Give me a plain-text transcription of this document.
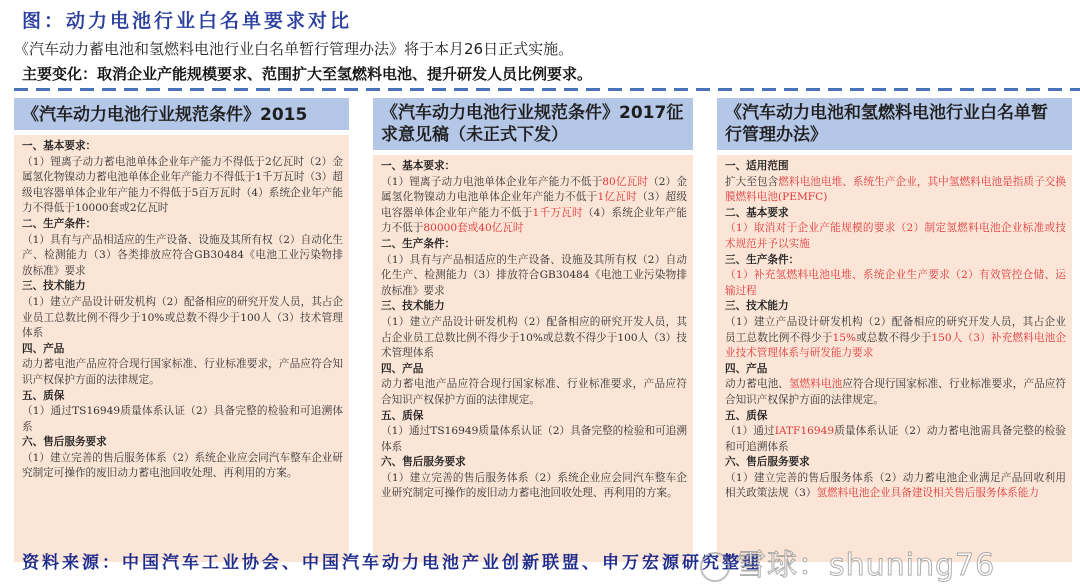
图：动力电池行业白名单要求对比
《汽车动力蓄电池和氢燃料电池行业白名单暂行管理办法》将于本月26日正式实施。
主要变化：取消企业产能规模要求、范围扩大至氢燃料电池、提升研发人员比例要求。
《汽车动力电池行业规范条件》2015
一、基本要求：
（1）锂离子动力蓄电池单体企业年产能力不得低于2亿瓦时（2）金属氢化物镍动力蓄电池单体企业年产能力不得低于1千万瓦时（3）超级电容器单体企业年产能力不得低于5百万瓦时（4）系统企业年产能力不得低于10000套或2亿瓦时
二、生产条件：
（1）具有与产品相适应的生产设备、设施及其所有权（2）自动化生产、检测能力（3）各类排放应符合GB30484《电池工业污染物排放标准》要求
三、技术能力
（1）建立产品设计研发机构（2）配备相应的研究开发人员，其占企业员工总数比例不得少于10%或总数不得少于100人（3）技术管理体系
四、产品
动力蓄电池产品应符合现行国家标准、行业标准要求，产品应符合知识产权保护方面的法律规定。
五、质保
（1）通过TS16949质量体系认证（2）具备完整的检验和可追溯体系
六、售后服务要求
（1）建立完善的售后服务体系（2）系统企业应会同汽车整车企业研究制定可操作的废旧动力蓄电池回收处理、再利用的方案。
《汽车动力电池行业规范条件》2017征求意见稿（未正式下发）
一、基本要求：
（1）锂离子动力电池单体企业年产能力不低于80亿瓦时（2）金属氢化物镍动力电池单体企业年产能力不低于1亿瓦时（3）超级电容器单体企业年产能力不低于1千万瓦时（4）系统企业年产能力不低于80000套或40亿瓦时
二、生产条件：
（1）具有与产品相适应的生产设备、设施及其所有权（2）自动化生产、检测能力（3）排放符合GB30484《电池工业污染物排放标准》要求
三、技术能力
（1）建立产品设计研发机构（2）配备相应的研究开发人员，其占企业员工总数比例不得少于10%或总数不得少于100人（3）技术管理体系
四、产品
动力蓄电池产品应符合现行国家标准、行业标准要求，产品应符合知识产权保护方面的法律规定。
五、质保
（1）通过TS16949质量体系认证（2）具备完整的检验和可追溯体系
六、售后服务要求
（1）建立完善的售后服务体系（2）系统企业应会同汽车整车企业研究制定可操作的废旧动力蓄电池回收处理、再利用的方案。
《汽车动力电池和氢燃料电池行业白名单暂行管理办法》
一、适用范围
扩大至包含燃料电池电堆、系统生产企业，其中氢燃料电池是指质子交换膜燃料电池(PEMFC)
二、基本要求
（1）取消对于企业产能规模的要求（2）制定氢燃料电池企业标准或技术规范并予以实施
三、生产条件：
（1）补充氢燃料电池电堆、系统企业生产要求（2）有效管控仓储、运输过程
三、技术能力
（1）建立产品设计研发机构（2）配备相应的研究开发人员，其占企业员工总数比例不得少于15%或总数不得少于150人（3）补充燃料电池企业技术管理体系与研发能力要求
四、产品
动力蓄电池、氢燃料电池应符合现行国家标准、行业标准要求，产品应符合知识产权保护方面的法律规定。
五、质保
（1）通过IATF16949质量体系认证（2）动力蓄电池需具备完整的检验和可追溯体系
六、售后服务要求
（1）建立完善的售后服务体系（2）动力蓄电池企业满足产品回收利用相关政策法规（3）氢燃料电池企业具备建设相关售后服务体系能力
资料来源：中国汽车工业协会、中国汽车动力电池产业创新联盟、申万宏源研究整理
雪球：shuning76
